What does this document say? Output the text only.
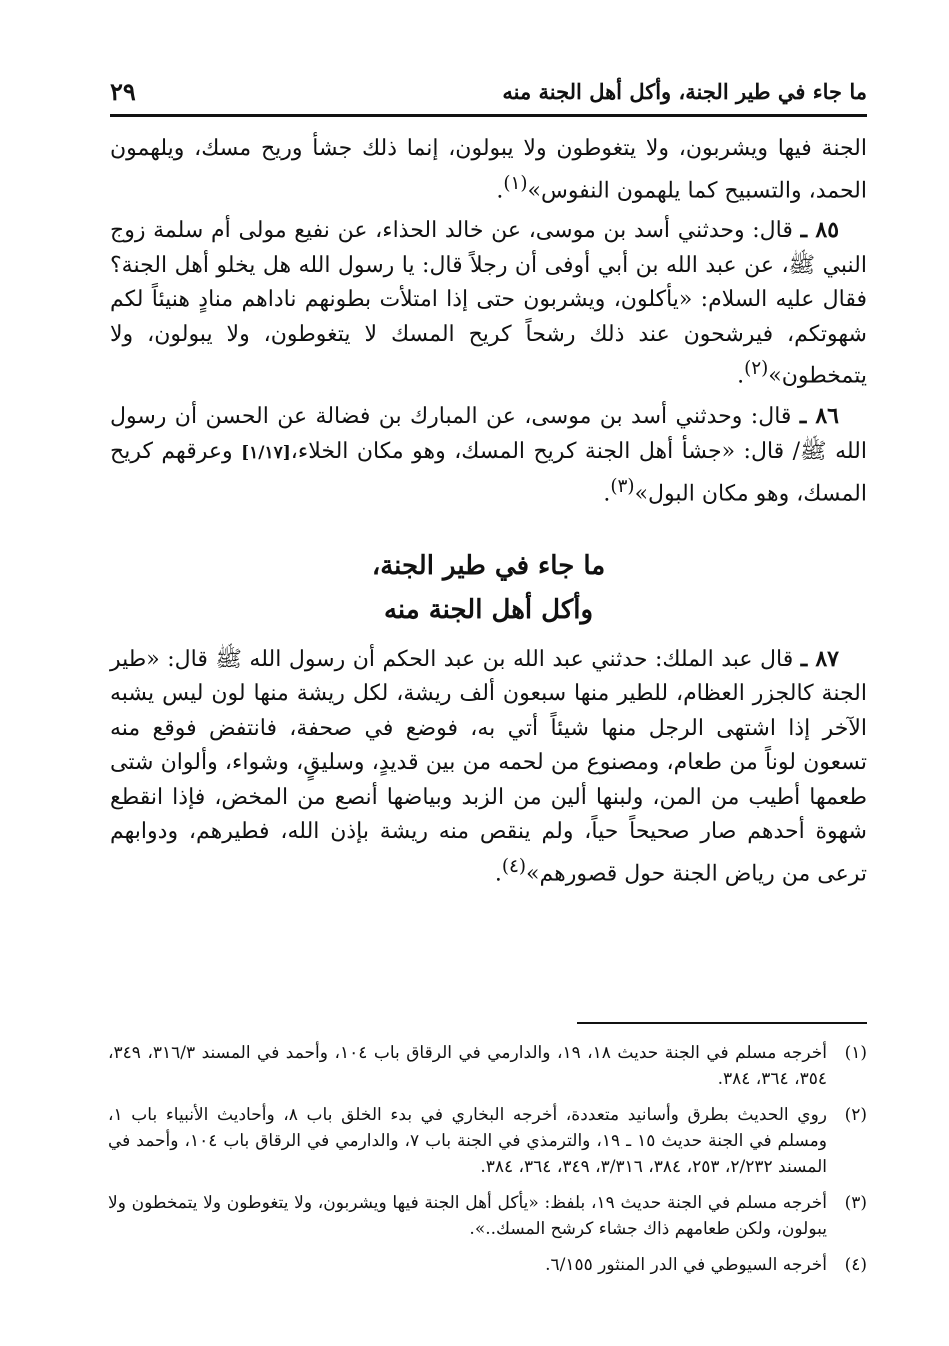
ما جاء في طير الجنة، وأكل أهل الجنة منه
٢٩

الجنة فيها ويشربون، ولا يتغوطون ولا يبولون، إنما ذلك جشأ وريح مسك، ويلهمون الحمد، والتسبيح كما يلهمون النفوس»$^{(١)}$.

٨٥ ـ قال: وحدثني أسد بن موسى، عن خالد الحذاء، عن نفيع مولى أم سلمة زوج النبي ﷺ، عن عبد الله بن أبي أوفى أن رجلاً قال: يا رسول الله هل يخلو أهل الجنة؟ فقال عليه السلام: «يأكلون، ويشربون حتى إذا امتلأت بطونهم ناداهم منادٍ هنيئاً لكم شهوتكم، فيرشحون عند ذلك رشحاً كريح المسك لا يتغوطون، ولا يبولون، ولا يتمخطون»$^{(٢)}$.

٨٦ ـ قال: وحدثني أسد بن موسى، عن المبارك بن فضالة عن الحسن أن رسول الله ﷺ/ قال: «جشأ أهل الجنة كريح المسك، وهو مكان الخلاء،[١/١٧] وعرقهم كريح المسك، وهو مكان البول»$^{(٣)}$.

ما جاء في طير الجنة،
وأكل أهل الجنة منه

٨٧ ـ قال عبد الملك: حدثني عبد الله بن عبد الحكم أن رسول الله ﷺ قال: «طير الجنة كالجزر العظام، للطير منها سبعون ألف ريشة، لكل ريشة منها لون ليس يشبه الآخر إذا اشتهى الرجل منها شيئاً أتي به، فوضع في صحفة، فانتفض فوقع منه تسعون لوناً من طعام، ومصنوع من لحمه من بين قديدٍ، وسليقٍ، وشواء، وألوان شتى طعمها أطيب من المن، ولبنها ألين من الزبد وبياضها أنصع من المخض، فإذا انقطع شهوة أحدهم صار صحيحاً حياً، ولم ينقص منه ريشة بإذن الله، فطيرهم، ودوابهم ترعى من رياض الجنة حول قصورهم»$^{(٤)}$.

(١)
أخرجه مسلم في الجنة حديث ١٨، ١٩، والدارمي في الرقاق باب ١٠٤، وأحمد في المسند ٣١٦/٣، ٣٤٩، ٣٥٤، ٣٦٤، ٣٨٤.
(٢)
روي الحديث بطرق وأسانيد متعددة، أخرجه البخاري في بدء الخلق باب ٨، وأحاديث الأنبياء باب ١، ومسلم في الجنة حديث ١٥ ـ ١٩، والترمذي في الجنة باب ٧، والدارمي في الرقاق باب ١٠٤، وأحمد في المسند ٢/٢٣٢، ٢٥٣، ٣٨٤، ٣/٣١٦، ٣٤٩، ٣٦٤، ٣٨٤.
(٣)
أخرجه مسلم في الجنة حديث ١٩، بلفظ: «يأكل أهل الجنة فيها ويشربون، ولا يتغوطون ولا يتمخطون ولا يبولون، ولكن طعامهم ذاك جشاء كرشح المسك..».
(٤)
أخرجه السيوطي في الدر المنثور ٦/١٥٥.
